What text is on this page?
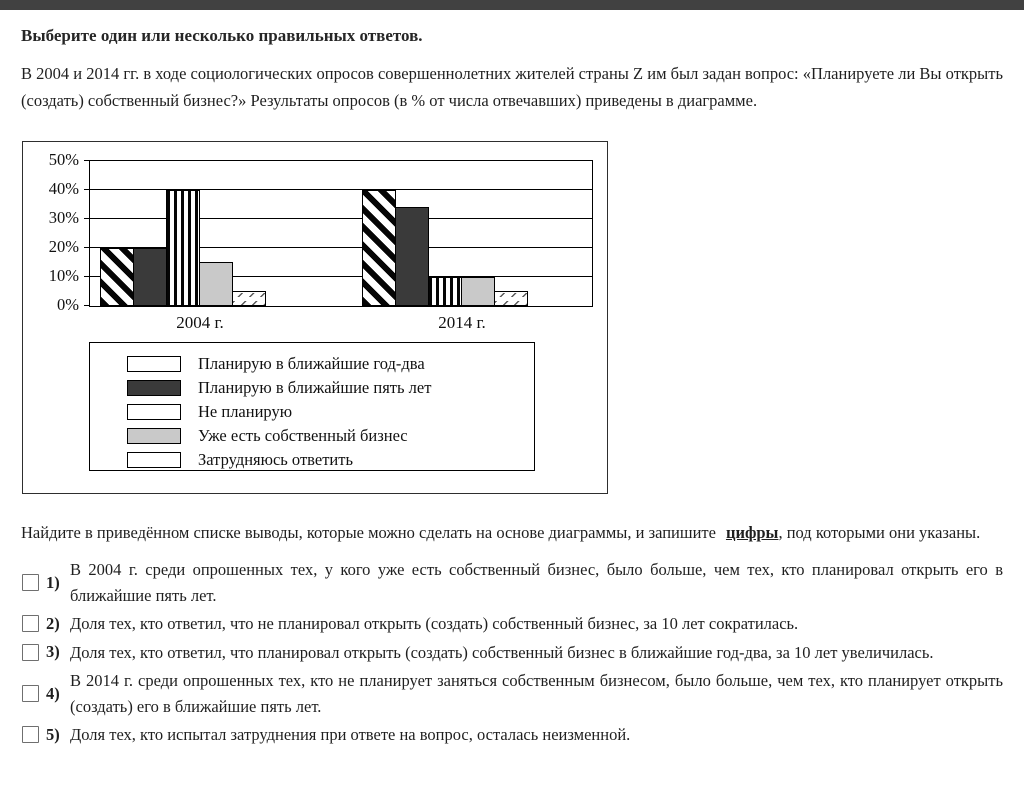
Выберите один или несколько правильных ответов.

В 2004 и 2014 гг. в ходе социологических опросов совершеннолетних жителей страны Z им был задан вопрос: «Планируете ли Вы открыть (создать) собственный бизнес?» Результаты опросов (в % от числа отвечавших) приведены в диаграмме.

50%
40%
30%
20%
10%
0%
2004 г.	2014 г.
Планирую в ближайшие год-два
Планирую в ближайшие пять лет
Не планирую
Уже есть собственный бизнес
Затрудняюсь ответить

Найдите в приведённом списке выводы, которые можно сделать на основе диаграммы, и запишите цифры, под которыми они указаны.

1)
В 2004 г. среди опрошенных тех, у кого уже есть собственный бизнес, было больше, чем тех, кто планировал открыть его в ближайшие пять лет.
2) Доля тех, кто ответил, что не планировал открыть (создать) собственный бизнес, за 10 лет сократилась.
3) Доля тех, кто ответил, что планировал открыть (создать) собственный бизнес в ближайшие год-два, за 10 лет увеличилась.
4)
В 2014 г. среди опрошенных тех, кто не планирует заняться собственным бизнесом, было больше, чем тех, кто планирует открыть (создать) его в ближайшие пять лет.
5) Доля тех, кто испытал затруднения при ответе на вопрос, осталась неизменной.
